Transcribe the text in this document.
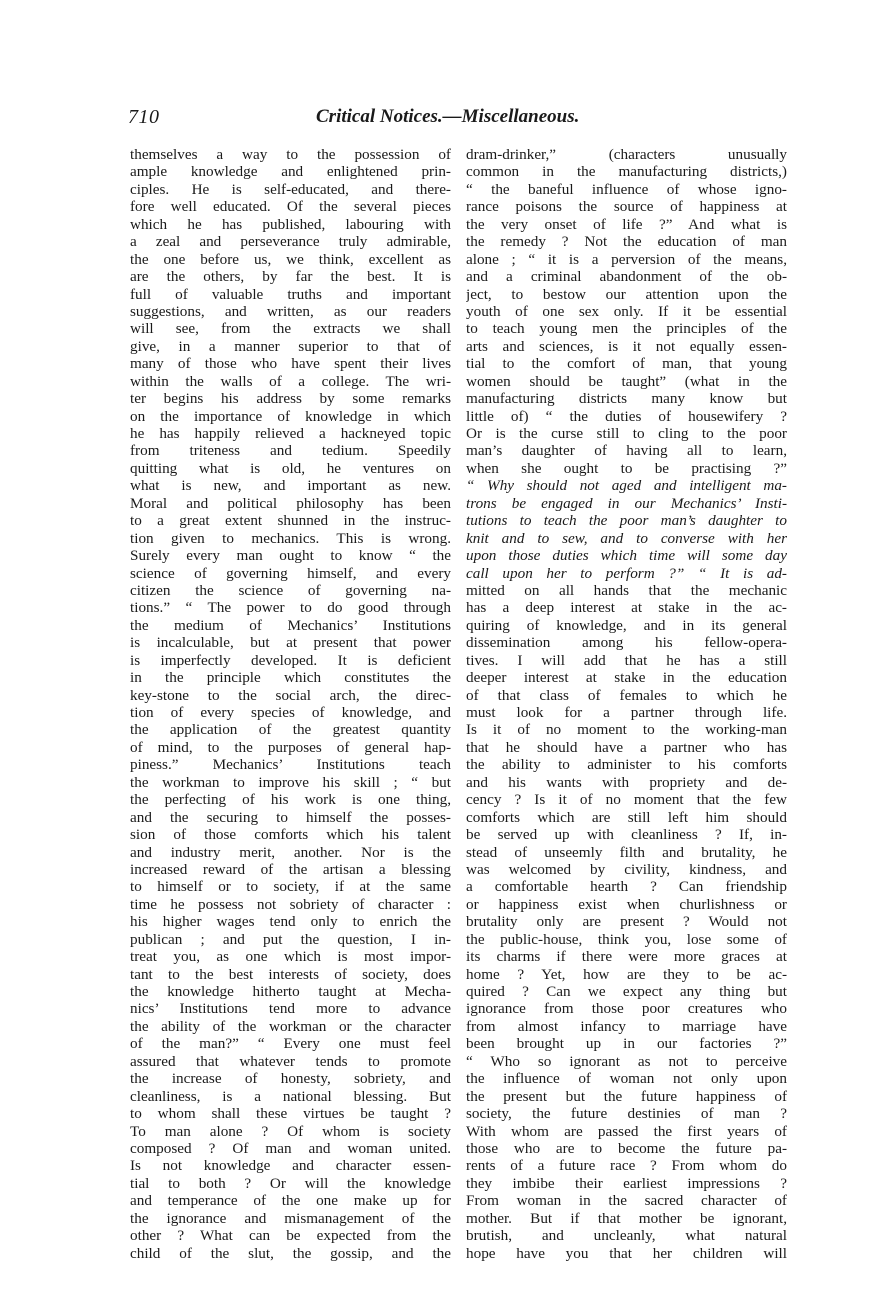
710	Critical Notices.—Miscellaneous.
themselves a way to the possession of
ample knowledge and enlightened prin-
ciples. He is self-educated, and there-
fore well educated. Of the several pieces
which he has published, labouring with
a zeal and perseverance truly admirable,
the one before us, we think, excellent as
are the others, by far the best. It is
full of valuable truths and important
suggestions, and written, as our readers
will see, from the extracts we shall
give, in a manner superior to that of
many of those who have spent their lives
within the walls of a college. The wri-
ter begins his address by some remarks
on the importance of knowledge in which
he has happily relieved a hackneyed topic
from triteness and tedium. Speedily
quitting what is old, he ventures on
what is new, and important as new.
Moral and political philosophy has been
to a great extent shunned in the instruc-
tion given to mechanics. This is wrong.
Surely every man ought to know “ the
science of governing himself, and every
citizen the science of governing na-
tions.” “ The power to do good through
the medium of Mechanics’ Institutions
is incalculable, but at present that power
is imperfectly developed. It is deficient
in the principle which constitutes the
key-stone to the social arch, the direc-
tion of every species of knowledge, and
the application of the greatest quantity
of mind, to the purposes of general hap-
piness.” Mechanics’ Institutions teach
the workman to improve his skill ; “ but
the perfecting of his work is one thing,
and the securing to himself the posses-
sion of those comforts which his talent
and industry merit, another. Nor is the
increased reward of the artisan a blessing
to himself or to society, if at the same
time he possess not sobriety of character :
his higher wages tend only to enrich the
publican ; and put the question, I in-
treat you, as one which is most impor-
tant to the best interests of society, does
the knowledge hitherto taught at Mecha-
nics’ Institutions tend more to advance
the ability of the workman or the character
of the man?” “ Every one must feel
assured that whatever tends to promote
the increase of honesty, sobriety, and
cleanliness, is a national blessing. But
to whom shall these virtues be taught ?
To man alone ? Of whom is society
composed ? Of man and woman united.
Is not knowledge and character essen-
tial to both ? Or will the knowledge
and temperance of the one make up for
the ignorance and mismanagement of the
other ? What can be expected from the
child of the slut, the gossip, and the
dram-drinker,” (characters unusually
common in the manufacturing districts,)
“ the baneful influence of whose igno-
rance poisons the source of happiness at
the very onset of life ?” And what is
the remedy ? Not the education of man
alone ; “ it is a perversion of the means,
and a criminal abandonment of the ob-
ject, to bestow our attention upon the
youth of one sex only. If it be essential
to teach young men the principles of the
arts and sciences, is it not equally essen-
tial to the comfort of man, that young
women should be taught” (what in the
manufacturing districts many know but
little of) “ the duties of housewifery ?
Or is the curse still to cling to the poor
man’s daughter of having all to learn,
when she ought to be practising ?”
“ Why should not aged and intelligent ma-
trons be engaged in our Mechanics’ Insti-
tutions to teach the poor man’s daughter to
knit and to sew, and to converse with her
upon those duties which time will some day
call upon her to perform ?” “ It is ad-
mitted on all hands that the mechanic
has a deep interest at stake in the ac-
quiring of knowledge, and in its general
dissemination among his fellow-opera-
tives. I will add that he has a still
deeper interest at stake in the education
of that class of females to which he
must look for a partner through life.
Is it of no moment to the working-man
that he should have a partner who has
the ability to administer to his comforts
and his wants with propriety and de-
cency ? Is it of no moment that the few
comforts which are still left him should
be served up with cleanliness ? If, in-
stead of unseemly filth and brutality, he
was welcomed by civility, kindness, and
a comfortable hearth ? Can friendship
or happiness exist when churlishness or
brutality only are present ? Would not
the public-house, think you, lose some of
its charms if there were more graces at
home ? Yet, how are they to be ac-
quired ? Can we expect any thing but
ignorance from those poor creatures who
from almost infancy to marriage have
been brought up in our factories ?”
“ Who so ignorant as not to perceive
the influence of woman not only upon
the present but the future happiness of
society, the future destinies of man ?
With whom are passed the first years of
those who are to become the future pa-
rents of a future race ? From whom do
they imbibe their earliest impressions ?
From woman in the sacred character of
mother. But if that mother be ignorant,
brutish, and uncleanly, what natural
hope have you that her children will
